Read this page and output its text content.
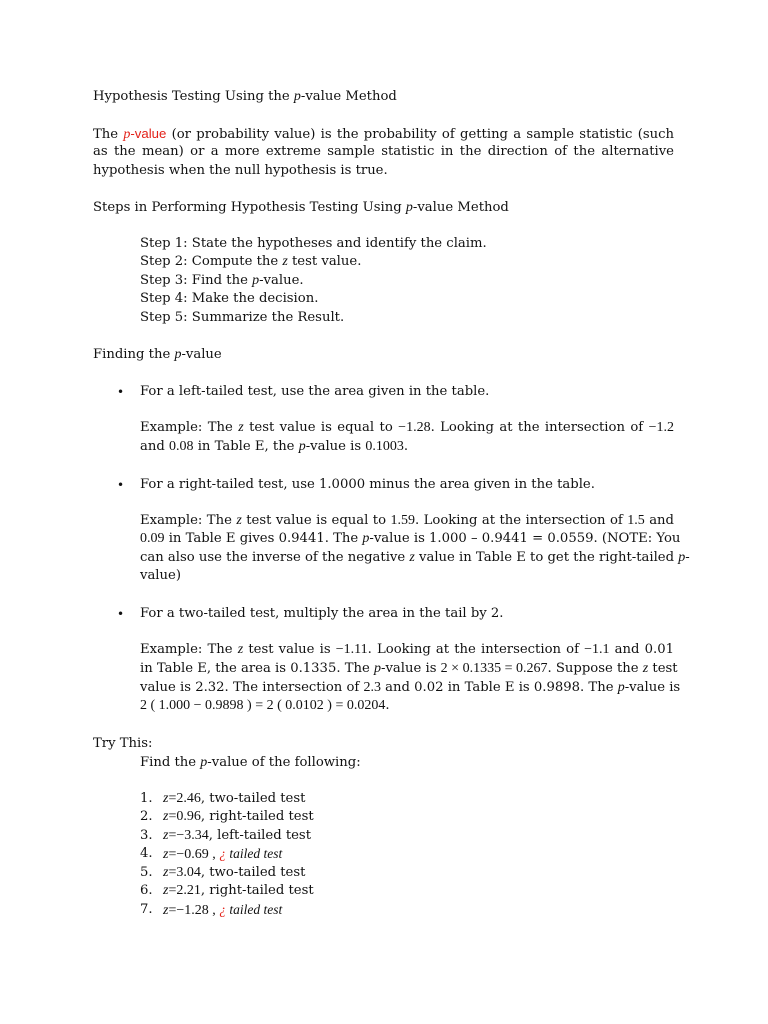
Hypothesis Testing Using the p-value Method
The p-value (or probability value) is the probability of getting a sample statistic (such
as the mean) or a more extreme sample statistic in the direction of the alternative
hypothesis when the null hypothesis is true.
Steps in Performing Hypothesis Testing Using p-value Method
Step 1: State the hypotheses and identify the claim.
Step 2: Compute the z test value.
Step 3: Find the p-value.
Step 4: Make the decision.
Step 5: Summarize the Result.
Finding the p-value
• For a left-tailed test, use the area given in the table.
Example: The z test value is equal to −1.28. Looking at the intersection of −1.2
and 0.08 in Table E, the p-value is 0.1003.
• For a right-tailed test, use 1.0000 minus the area given in the table.
Example: The z test value is equal to 1.59. Looking at the intersection of 1.5 and
0.09 in Table E gives 0.9441. The p-value is 1.000 – 0.9441 = 0.0559. (NOTE: You
can also use the inverse of the negative z value in Table E to get the right-tailed p-
value)
• For a two-tailed test, multiply the area in the tail by 2.
Example: The z test value is −1.11. Looking at the intersection of −1.1 and 0.01
in Table E, the area is 0.1335. The p-value is 2 × 0.1335 = 0.267. Suppose the z test
value is 2.32. The intersection of 2.3 and 0.02 in Table E is 0.9898. The p-value is
2 ( 1.000 − 0.9898 ) = 2 ( 0.0102 ) = 0.0204.
Try This:
Find the p-value of the following:
1. z=2.46, two-tailed test
2. z=0.96, right-tailed test
3. z=−3.34, left-tailed test
4. z=−0.69 , ¿ tailed test
5. z=3.04, two-tailed test
6. z=2.21, right-tailed test
7. z=−1.28 , ¿ tailed test
